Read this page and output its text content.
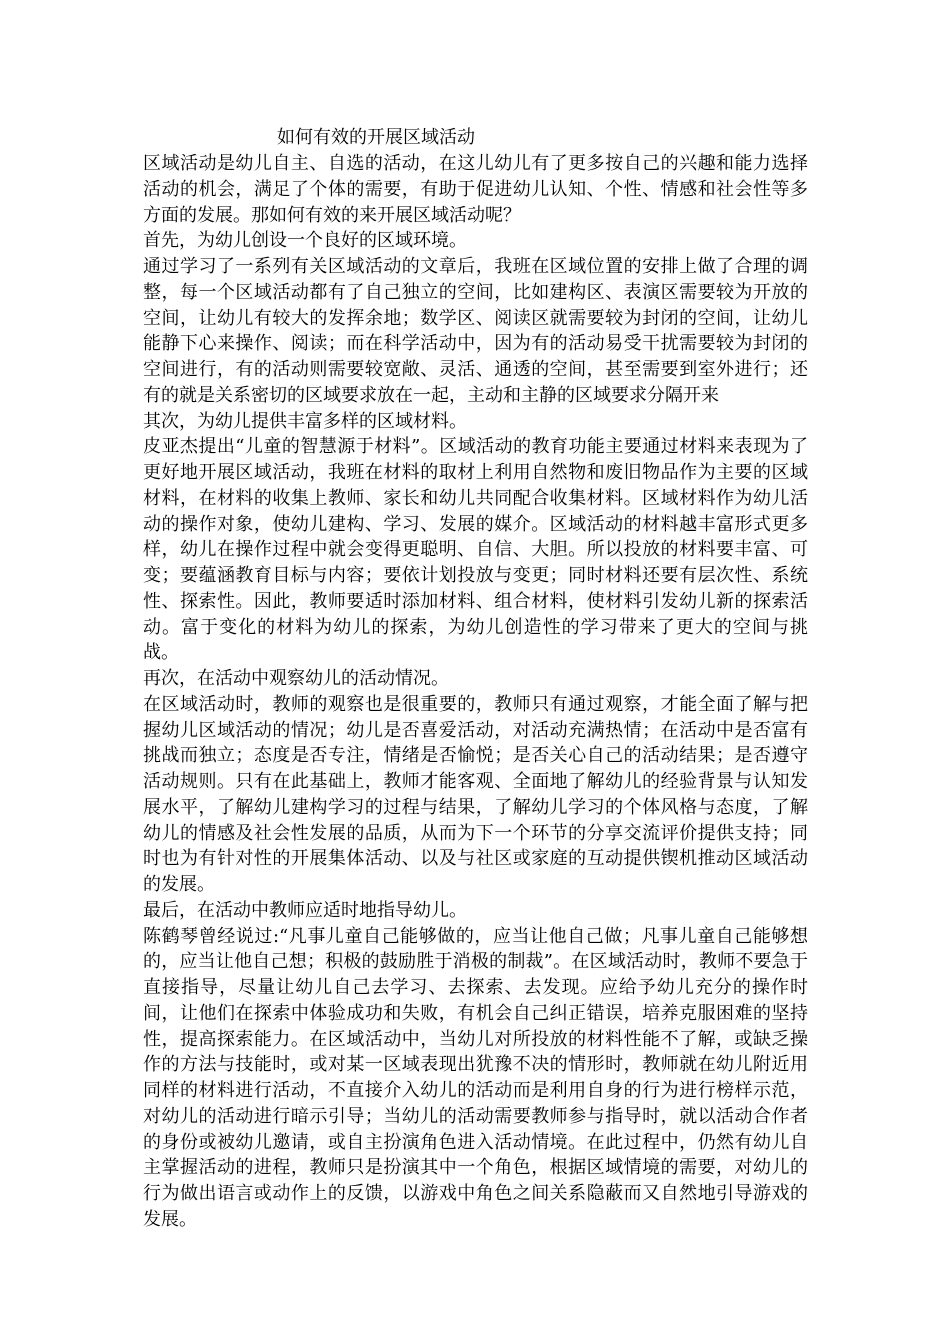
如何有效的开展区域活动

区域活动是幼儿自主、自选的活动，在这儿幼儿有了更多按自己的兴趣和能力选择活动的机会，满足了个体的需要，有助于促进幼儿认知、个性、情感和社会性等多方面的发展。那如何有效的来开展区域活动呢？

首先，为幼儿创设一个良好的区域环境。

通过学习了一系列有关区域活动的文章后，我班在区域位置的安排上做了合理的调整，每一个区域活动都有了自己独立的空间，比如建构区、表演区需要较为开放的空间，让幼儿有较大的发挥余地；数学区、阅读区就需要较为封闭的空间，让幼儿能静下心来操作、阅读；而在科学活动中，因为有的活动易受干扰需要较为封闭的空间进行，有的活动则需要较宽敞、灵活、通透的空间，甚至需要到室外进行；还有的就是关系密切的区域要求放在一起，主动和主静的区域要求分隔开来

其次，为幼儿提供丰富多样的区域材料。

皮亚杰提出“儿童的智慧源于材料”。区域活动的教育功能主要通过材料来表现为了更好地开展区域活动，我班在材料的取材上利用自然物和废旧物品作为主要的区域材料，在材料的收集上教师、家长和幼儿共同配合收集材料。区域材料作为幼儿活动的操作对象，使幼儿建构、学习、发展的媒介。区域活动的材料越丰富形式更多样，幼儿在操作过程中就会变得更聪明、自信、大胆。所以投放的材料要丰富、可变；要蕴涵教育目标与内容；要依计划投放与变更；同时材料还要有层次性、系统性、探索性。因此，教师要适时添加材料、组合材料，使材料引发幼儿新的探索活动。富于变化的材料为幼儿的探索，为幼儿创造性的学习带来了更大的空间与挑战。

再次，在活动中观察幼儿的活动情况。

在区域活动时，教师的观察也是很重要的，教师只有通过观察，才能全面了解与把握幼儿区域活动的情况；幼儿是否喜爱活动，对活动充满热情；在活动中是否富有挑战而独立；态度是否专注，情绪是否愉悦；是否关心自己的活动结果；是否遵守活动规则。只有在此基础上，教师才能客观、全面地了解幼儿的经验背景与认知发展水平，了解幼儿建构学习的过程与结果，了解幼儿学习的个体风格与态度，了解幼儿的情感及社会性发展的品质，从而为下一个环节的分享交流评价提供支持；同时也为有针对性的开展集体活动、以及与社区或家庭的互动提供锲机推动区域活动的发展。

最后，在活动中教师应适时地指导幼儿。

陈鹤琴曾经说过:“凡事儿童自己能够做的，应当让他自己做；凡事儿童自己能够想的，应当让他自己想；积极的鼓励胜于消极的制裁”。在区域活动时，教师不要急于直接指导，尽量让幼儿自己去学习、去探索、去发现。应给予幼儿充分的操作时间，让他们在探索中体验成功和失败，有机会自己纠正错误，培养克服困难的坚持性，提高探索能力。在区域活动中，当幼儿对所投放的材料性能不了解，或缺乏操作的方法与技能时，或对某一区域表现出犹豫不决的情形时，教师就在幼儿附近用同样的材料进行活动，不直接介入幼儿的活动而是利用自身的行为进行榜样示范，对幼儿的活动进行暗示引导；当幼儿的活动需要教师参与指导时，就以活动合作者的身份或被幼儿邀请，或自主扮演角色进入活动情境。在此过程中，仍然有幼儿自主掌握活动的进程，教师只是扮演其中一个角色，根据区域情境的需要，对幼儿的行为做出语言或动作上的反馈，以游戏中角色之间关系隐蔽而又自然地引导游戏的发展。
